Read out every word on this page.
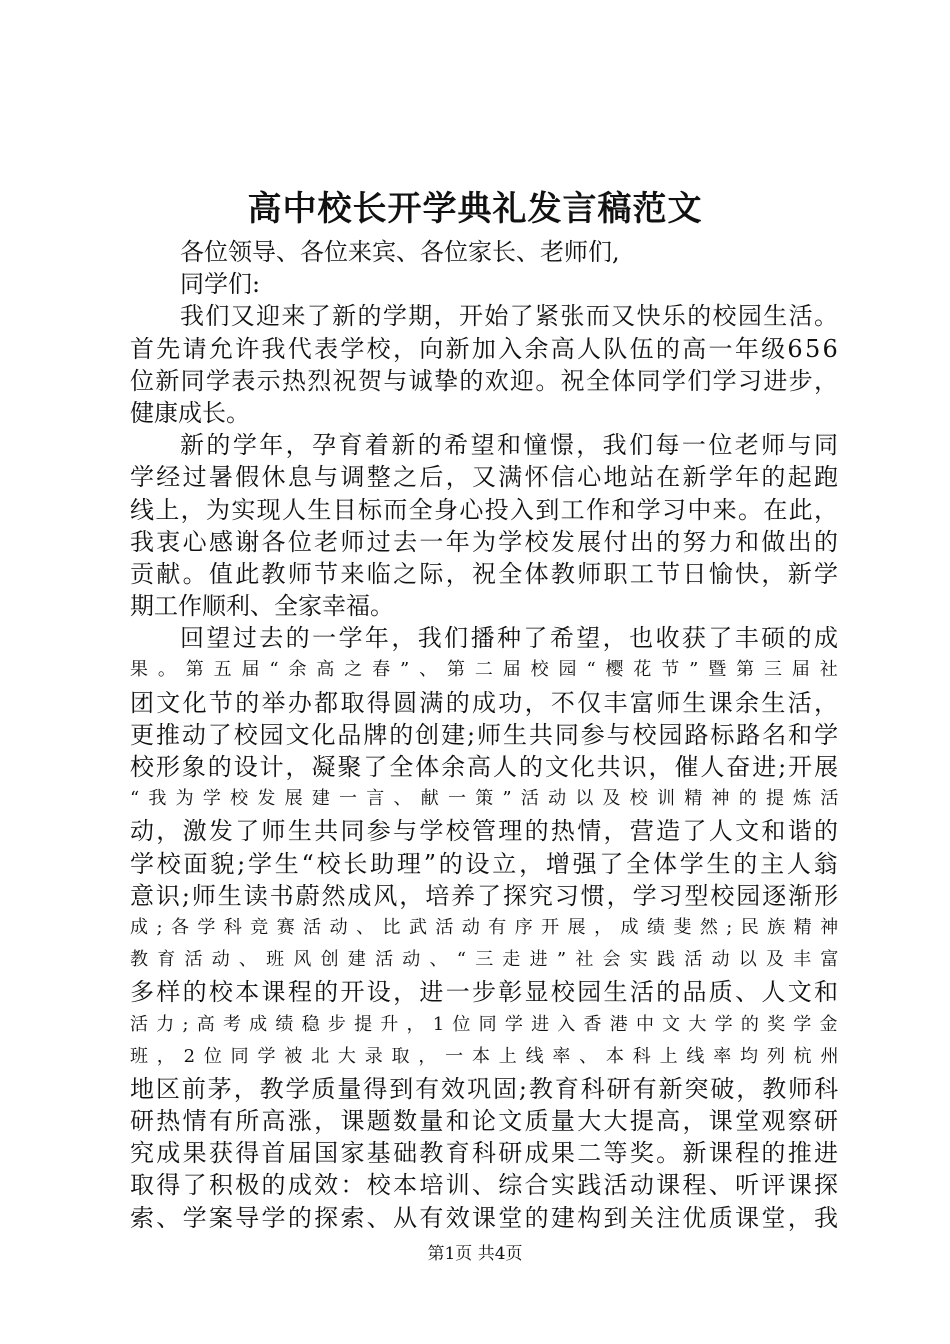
高中校长开学典礼发言稿范文
各位领导、各位来宾、各位家长、老师们,
同学们:
我们又迎来了新的学期，开始了紧张而又快乐的校园生活。
首先请允许我代表学校，向新加入余高人队伍的高一年级656
位新同学表示热烈祝贺与诚挚的欢迎。祝全体同学们学习进步，
健康成长。
新的学年，孕育着新的希望和憧憬，我们每一位老师与同
学经过暑假休息与调整之后，又满怀信心地站在新学年的起跑
线上，为实现人生目标而全身心投入到工作和学习中来。在此，
我衷心感谢各位老师过去一年为学校发展付出的努力和做出的
贡献。值此教师节来临之际，祝全体教师职工节日愉快，新学
期工作顺利、全家幸福。
回望过去的一学年，我们播种了希望，也收获了丰硕的成
果。第五届“余高之春”、第二届校园“樱花节”暨第三届社
团文化节的举办都取得圆满的成功，不仅丰富师生课余生活，
更推动了校园文化品牌的创建;师生共同参与校园路标路名和学
校形象的设计，凝聚了全体余高人的文化共识，催人奋进;开展
“我为学校发展建一言、献一策”活动以及校训精神的提炼活
动，激发了师生共同参与学校管理的热情，营造了人文和谐的
学校面貌;学生“校长助理”的设立，增强了全体学生的主人翁
意识;师生读书蔚然成风，培养了探究习惯，学习型校园逐渐形
成;各学科竞赛活动、比武活动有序开展，成绩斐然;民族精神
教育活动、班风创建活动、“三走进”社会实践活动以及丰富
多样的校本课程的开设，进一步彰显校园生活的品质、人文和
活力;高考成绩稳步提升，1位同学进入香港中文大学的奖学金
班，2位同学被北大录取，一本上线率、本科上线率均列杭州
地区前茅，教学质量得到有效巩固;教育科研有新突破，教师科
研热情有所高涨，课题数量和论文质量大大提高，课堂观察研
究成果获得首届国家基础教育科研成果二等奖。新课程的推进
取得了积极的成效：校本培训、综合实践活动课程、听评课探
索、学案导学的探索、从有效课堂的建构到关注优质课堂，我
第1页 共4页
